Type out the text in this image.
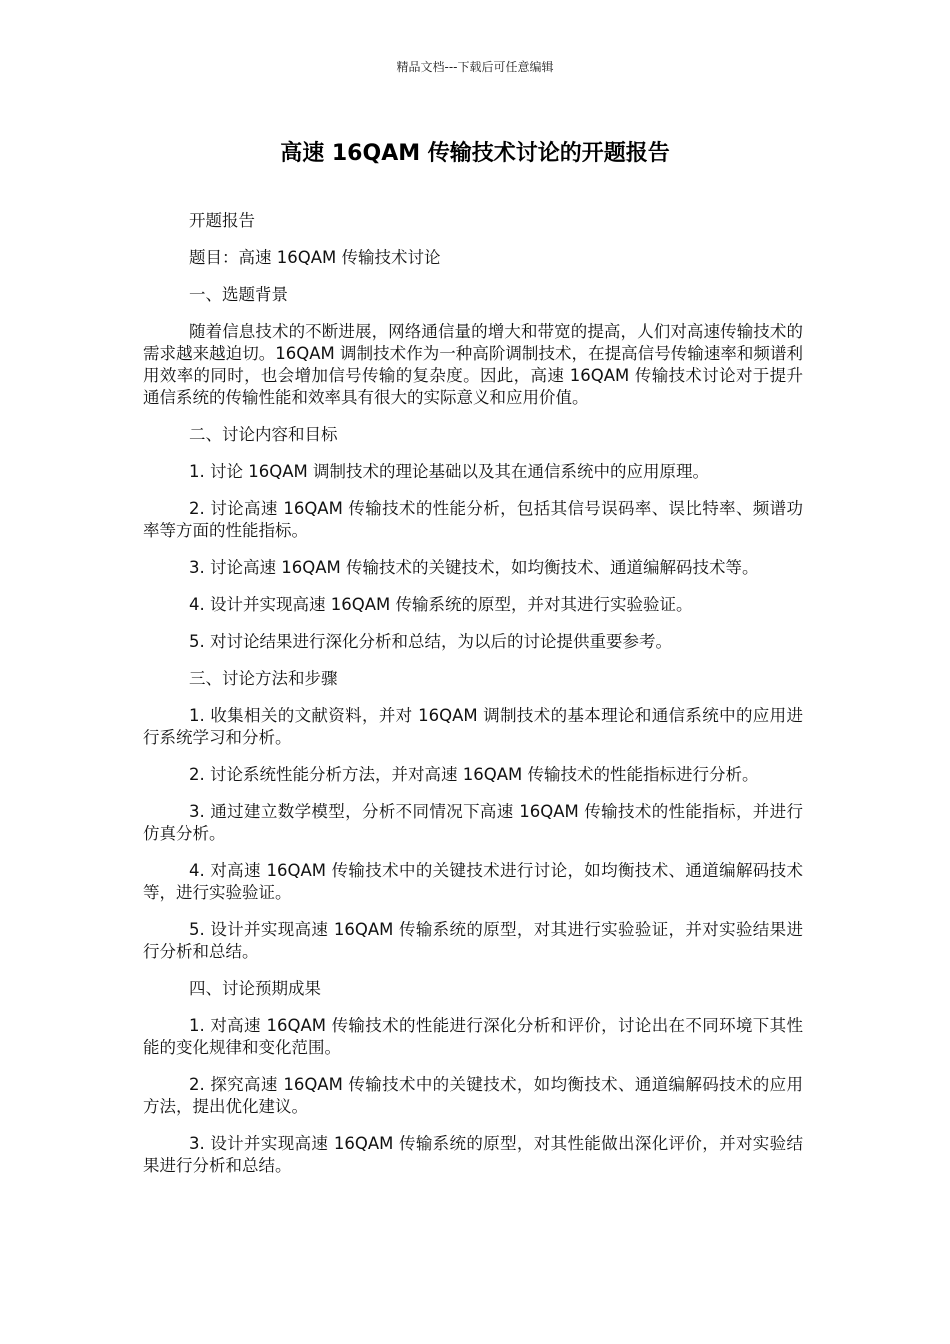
精品文档---下载后可任意编辑
高速 16QAM 传输技术讨论的开题报告

开题报告

题目：高速 16QAM 传输技术讨论

一、选题背景

随着信息技术的不断进展，网络通信量的增大和带宽的提高，人们对高速传输技术的需求越来越迫切。16QAM 调制技术作为一种高阶调制技术，在提高信号传输速率和频谱利用效率的同时，也会增加信号传输的复杂度。因此，高速 16QAM 传输技术讨论对于提升通信系统的传输性能和效率具有很大的实际意义和应用价值。

二、讨论内容和目标

1. 讨论 16QAM 调制技术的理论基础以及其在通信系统中的应用原理。

2. 讨论高速 16QAM 传输技术的性能分析，包括其信号误码率、误比特率、频谱功率等方面的性能指标。

3. 讨论高速 16QAM 传输技术的关键技术，如均衡技术、通道编解码技术等。

4. 设计并实现高速 16QAM 传输系统的原型，并对其进行实验验证。

5. 对讨论结果进行深化分析和总结，为以后的讨论提供重要参考。

三、讨论方法和步骤

1. 收集相关的文献资料，并对 16QAM 调制技术的基本理论和通信系统中的应用进行系统学习和分析。

2. 讨论系统性能分析方法，并对高速 16QAM 传输技术的性能指标进行分析。

3. 通过建立数学模型，分析不同情况下高速 16QAM 传输技术的性能指标，并进行仿真分析。

4. 对高速 16QAM 传输技术中的关键技术进行讨论，如均衡技术、通道编解码技术等，进行实验验证。

5. 设计并实现高速 16QAM 传输系统的原型，对其进行实验验证，并对实验结果进行分析和总结。

四、讨论预期成果

1. 对高速 16QAM 传输技术的性能进行深化分析和评价，讨论出在不同环境下其性能的变化规律和变化范围。

2. 探究高速 16QAM 传输技术中的关键技术，如均衡技术、通道编解码技术的应用方法，提出优化建议。

3. 设计并实现高速 16QAM 传输系统的原型，对其性能做出深化评价，并对实验结果进行分析和总结。
